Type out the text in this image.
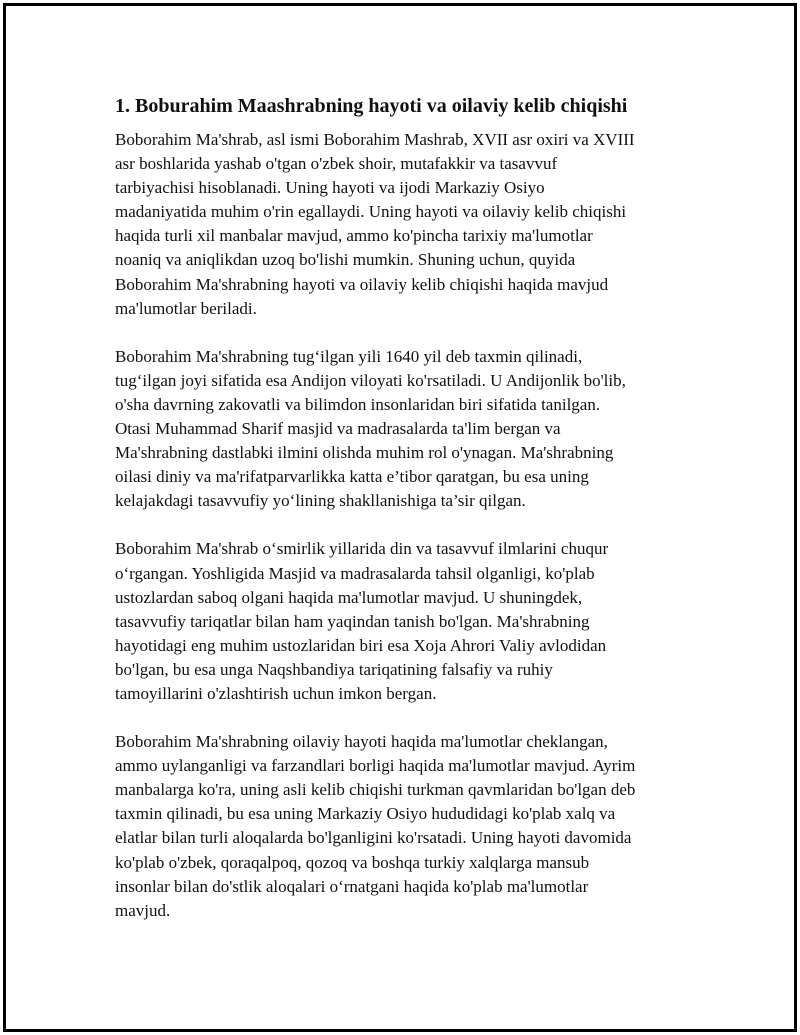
1. Boburahim Maashrabning hayoti va oilaviy kelib chiqishi

Boborahim Ma'shrab, asl ismi Boborahim Mashrab, XVII asr oxiri va XVIII
asr boshlarida yashab o'tgan o'zbek shoir, mutafakkir va tasavvuf
tarbiyachisi hisoblanadi. Uning hayoti va ijodi Markaziy Osiyo
madaniyatida muhim o'rin egallaydi. Uning hayoti va oilaviy kelib chiqishi
haqida turli xil manbalar mavjud, ammo ko'pincha tarixiy ma'lumotlar
noaniq va aniqlikdan uzoq bo'lishi mumkin. Shuning uchun, quyida
Boborahim Ma'shrabning hayoti va oilaviy kelib chiqishi haqida mavjud
ma'lumotlar beriladi.

Boborahim Ma'shrabning tug‘ilgan yili 1640 yil deb taxmin qilinadi,
tug‘ilgan joyi sifatida esa Andijon viloyati ko'rsatiladi. U Andijonlik bo'lib,
o'sha davrning zakovatli va bilimdon insonlaridan biri sifatida tanilgan.
Otasi Muhammad Sharif masjid va madrasalarda ta'lim bergan va
Ma'shrabning dastlabki ilmini olishda muhim rol o'ynagan. Ma'shrabning
oilasi diniy va ma'rifatparvarlikka katta e’tibor qaratgan, bu esa uning
kelajakdagi tasavvufiy yo‘lining shakllanishiga ta’sir qilgan.

Boborahim Ma'shrab o‘smirlik yillarida din va tasavvuf ilmlarini chuqur
o‘rgangan. Yoshligida Masjid va madrasalarda tahsil olganligi, ko'plab
ustozlardan saboq olgani haqida ma'lumotlar mavjud. U shuningdek,
tasavvufiy tariqatlar bilan ham yaqindan tanish bo'lgan. Ma'shrabning
hayotidagi eng muhim ustozlaridan biri esa Xoja Ahrori Valiy avlodidan
bo'lgan, bu esa unga Naqshbandiya tariqatining falsafiy va ruhiy
tamoyillarini o'zlashtirish uchun imkon bergan.

Boborahim Ma'shrabning oilaviy hayoti haqida ma'lumotlar cheklangan,
ammo uylanganligi va farzandlari borligi haqida ma'lumotlar mavjud. Ayrim
manbalarga ko'ra, uning asli kelib chiqishi turkman qavmlaridan bo'lgan deb
taxmin qilinadi, bu esa uning Markaziy Osiyo hududidagi ko'plab xalq va
elatlar bilan turli aloqalarda bo'lganligini ko'rsatadi. Uning hayoti davomida
ko'plab o'zbek, qoraqalpoq, qozoq va boshqa turkiy xalqlarga mansub
insonlar bilan do'stlik aloqalari o‘rnatgani haqida ko'plab ma'lumotlar
mavjud.
